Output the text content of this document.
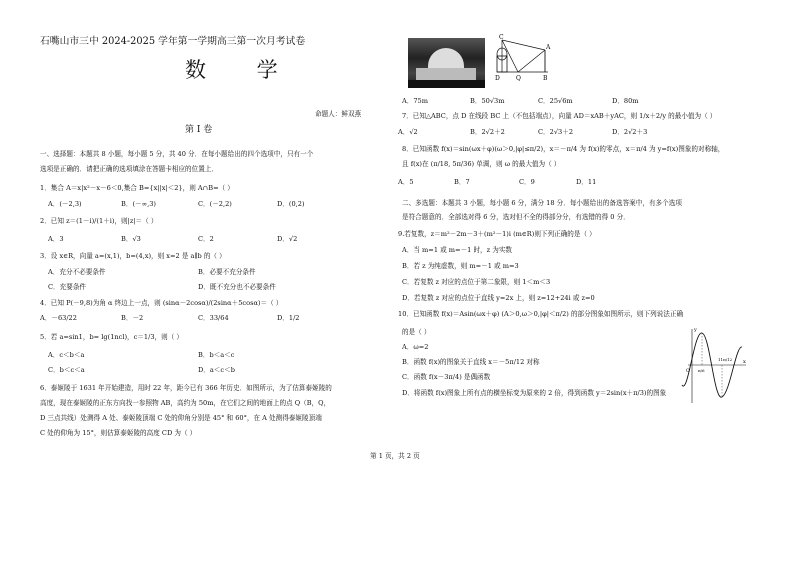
石嘴山市三中 2024-2025 学年第一学期高三第一次月考试卷
数 学
命题人：鲜双燕
第 I 卷
一、选择题：本题共 8 小题，每小题 5 分，共 40 分．在每小题给出的四个选项中，只有一个
选项是正确的．请把正确的选项填涂在答题卡相应的位置上．
1．集合 A＝x|x²－x－6＜0,集合 B={x||x|＜2}，则 A∩B=（ ）
A．(－2,3)	B．(－∞,3)	C．(－2,2)	D．(0,2)
2．已知 z＝(1－i)/(1＋i)，则|z|＝（ ）
A．3	B．√3	C．2	D．√2
3．设 x∈R，向量 a=(x,1)，b=(4,x)，则 x=2 是 a∥b 的（ ）
A．充分不必要条件	B．必要不充分条件
C．充要条件	D．既不充分也不必要条件
4．已知 P(－9,8)为角 α 终边上一点，则 (sinα－2cosα)/(2sinα＋5cosα)＝（ ）
A．－63/22	B．－2	C．33/64	D．1/2
5．若 a=sin1，b= lg(1ncl)，c＝1/3，则（ ）
A．c＜b＜a	B．b＜a＜c
C．b＜c＜a	D．a＜c＜b
6．泰姬陵于 1631 年开始建造，用时 22 年，距今已有 366 年历史．如图所示，为了估算泰姬陵的
高度，现在泰姬陵的正东方向找一参照物 AB，高约为 50m，在它们之间的地面上的点 Q（B，Q，
D 三点共线）处测得 A 处、泰姬陵顶端 C 处的仰角分别是 45° 和 60°，在 A 处测得泰姬陵顶端
C 处的仰角为 15°，则估算泰姬陵的高度 CD 为（ ）
C
A
D	Q	B
A．75m	B．50√3m	C．25√6m	D．80m
7．已知△ABC，点 D 在线段 BC 上（不包括端点），向量 AD＝xAB＋yAC，则 1/x＋2/y 的最小值为（ ）
A．√2	B．2√2＋2	C．2√3＋2	D．2√2＋3
8．已知函数 f(x)＝sin(ωx＋φ)(ω＞0,|φ|≤π/2)，x＝－π/4 为 f(x)的零点，x＝π/4 为 y=f(x)图象的对称轴，
且 f(x)在 (π/18, 5π/36) 单调，则 ω 的最大值为（ ）
A．5	B．7	C．9	D．11
二、多选题：本题共 3 小题，每小题 6 分，满分 18 分．每小题给出的备选答案中，有多个选项
是符合题意的．全部选对得 6 分，选对但不全的得部分分，有选错的得 0 分．
9.若复数，z＝m²－2m－3＋(m²－1)i (m∈R)则下列正确的是（ ）
A．当 m=1 或 m=－1 时，z 为实数
B．若 z 为纯虚数，则 m=－1 或 m=3
C．若复数 z 对应的点位于第二象限，则 1＜m＜3
D．若复数 z 对应的点位于直线 y=2x 上，则 z=12+24i 或 z=0
10．已知函数 f(x)＝Asin(ωx＋φ) (A＞0,ω＞0,|φ|＜π/2) 的部分图象如图所示，则下列说法正确
的是（ ）
A．ω=2
B．函数 f(x)的图象关于直线 x＝－5π/12 对称
C．函数 f(x－3π/4) 是偶函数
D．将函数 f(x)图象上所有点的横坐标变为原来的 2 倍，得到函数 y＝2sin(x＋π/3)的图象
y
x
O π/6
11π/12
第 1 页，共 2 页
